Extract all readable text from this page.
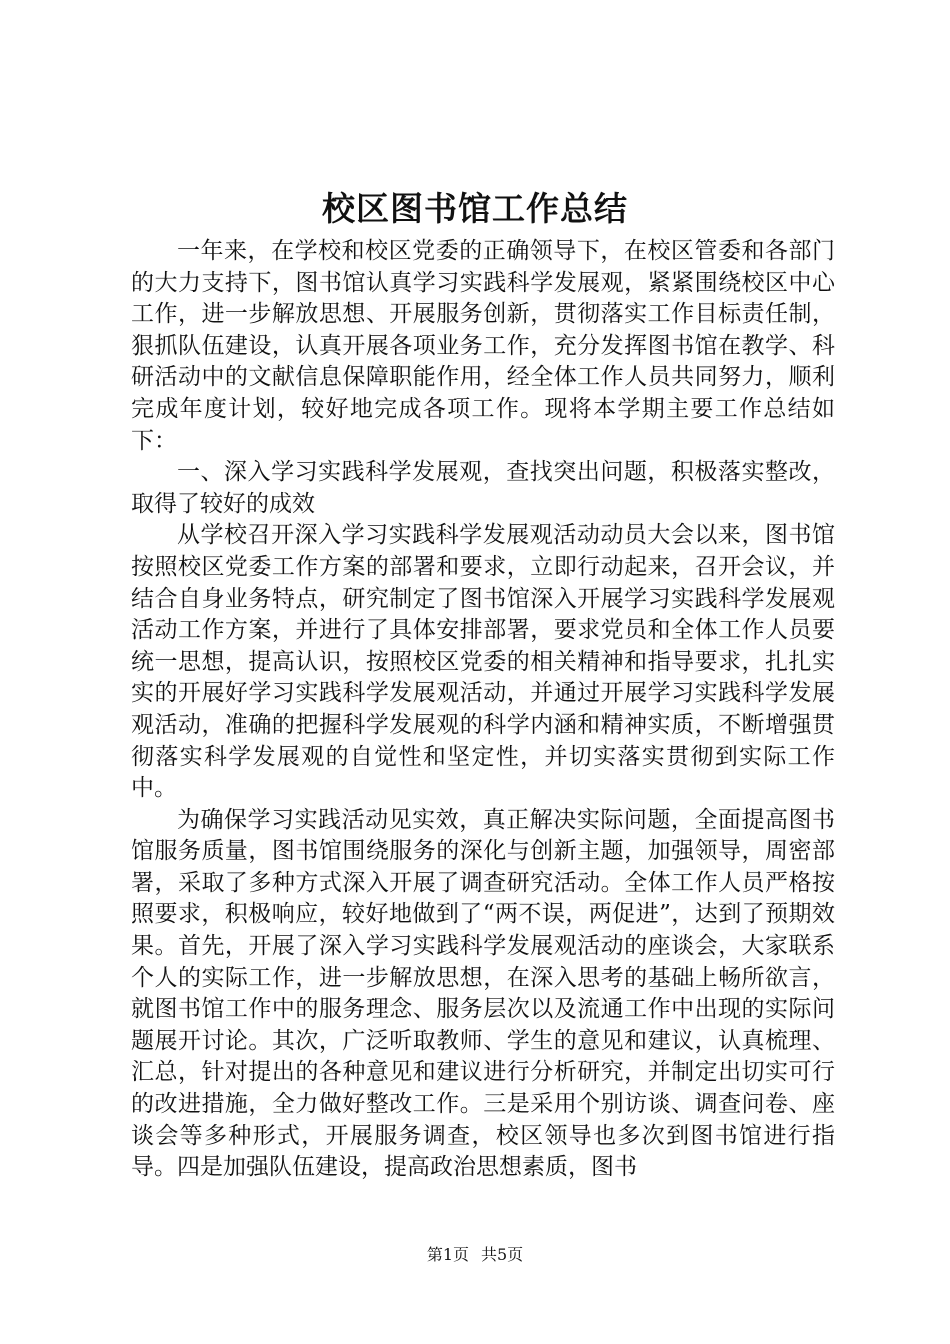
校区图书馆工作总结

一年来，在学校和校区党委的正确领导下，在校区管委和各部门的大力支持下，图书馆认真学习实践科学发展观，紧紧围绕校区中心工作，进一步解放思想、开展服务创新，贯彻落实工作目标责任制，狠抓队伍建设，认真开展各项业务工作，充分发挥图书馆在教学、科研活动中的文献信息保障职能作用，经全体工作人员共同努力，顺利完成年度计划，较好地完成各项工作。现将本学期主要工作总结如下：

一、深入学习实践科学发展观，查找突出问题，积极落实整改，取得了较好的成效

从学校召开深入学习实践科学发展观活动动员大会以来，图书馆按照校区党委工作方案的部署和要求，立即行动起来，召开会议，并结合自身业务特点，研究制定了图书馆深入开展学习实践科学发展观活动工作方案，并进行了具体安排部署，要求党员和全体工作人员要统一思想，提高认识，按照校区党委的相关精神和指导要求，扎扎实实的开展好学习实践科学发展观活动，并通过开展学习实践科学发展观活动，准确的把握科学发展观的科学内涵和精神实质，不断增强贯彻落实科学发展观的自觉性和坚定性，并切实落实贯彻到实际工作中。

为确保学习实践活动见实效，真正解决实际问题，全面提高图书馆服务质量，图书馆围绕服务的深化与创新主题，加强领导，周密部署，采取了多种方式深入开展了调查研究活动。全体工作人员严格按照要求，积极响应，较好地做到了“两不误，两促进”，达到了预期效果。首先，开展了深入学习实践科学发展观活动的座谈会，大家联系个人的实际工作，进一步解放思想，在深入思考的基础上畅所欲言，就图书馆工作中的服务理念、服务层次以及流通工作中出现的实际问题展开讨论。其次，广泛听取教师、学生的意见和建议，认真梳理、汇总，针对提出的各种意见和建议进行分析研究，并制定出切实可行的改进措施，全力做好整改工作。三是采用个别访谈、调查问卷、座谈会等多种形式，开展服务调查，校区领导也多次到图书馆进行指导。四是加强队伍建设，提高政治思想素质，图书

第1页 共5页
